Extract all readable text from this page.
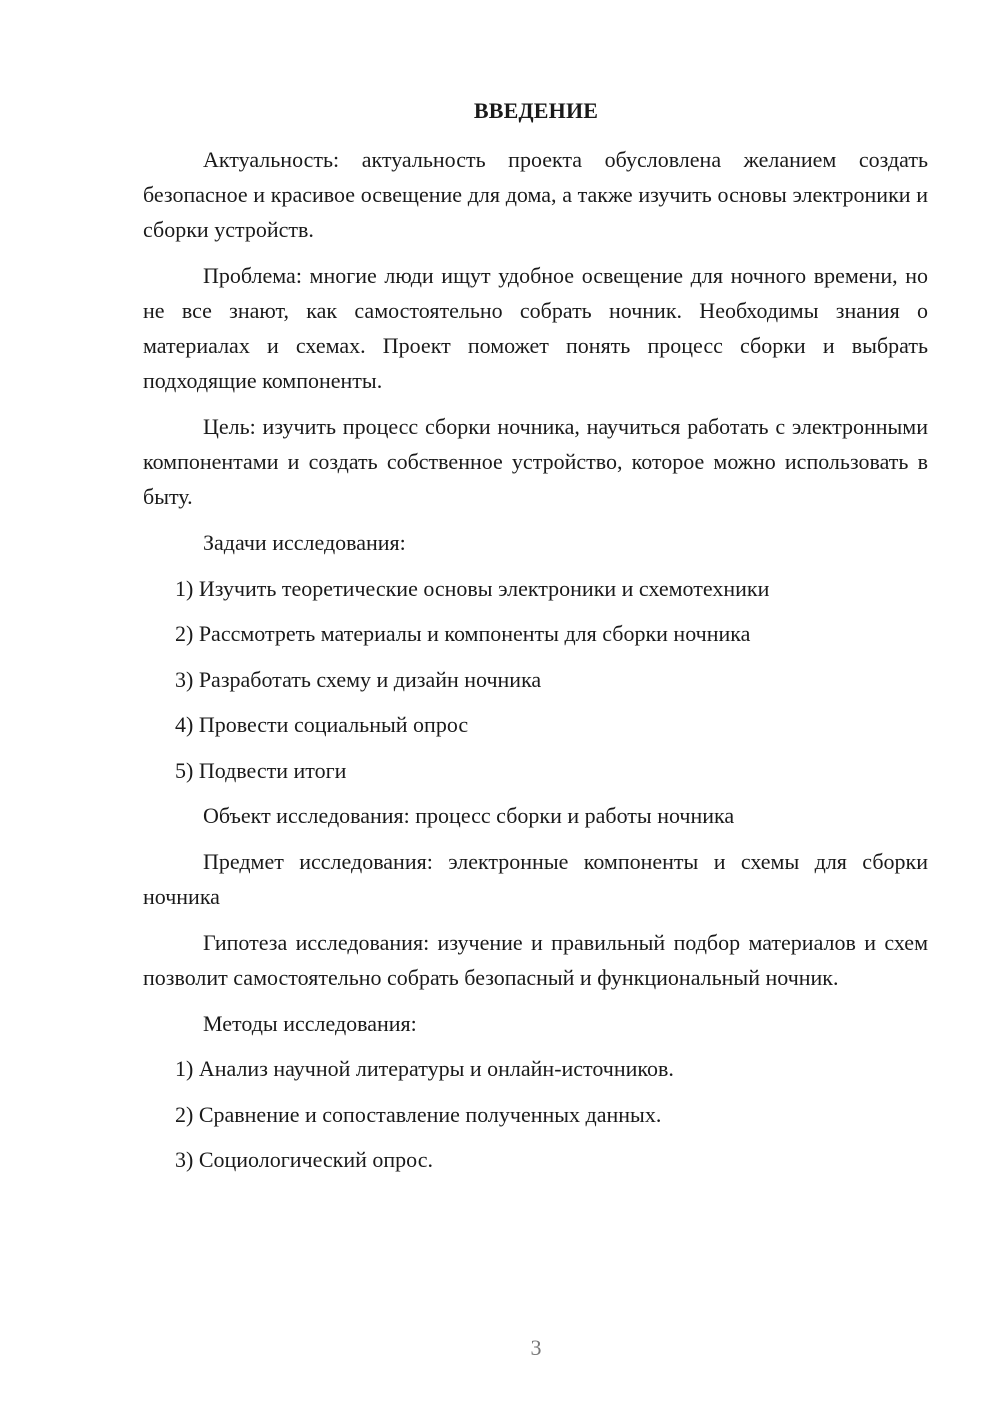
ВВЕДЕНИЕ

Актуальность: актуальность проекта обусловлена желанием создать безопасное и красивое освещение для дома, а также изучить основы электроники и сборки устройств.

Проблема: многие люди ищут удобное освещение для ночного времени, но не все знают, как самостоятельно собрать ночник. Необходимы знания о материалах и схемах. Проект поможет понять процесс сборки и выбрать подходящие компоненты.

Цель: изучить процесс сборки ночника, научиться работать с электронными компонентами и создать собственное устройство, которое можно использовать в быту.

Задачи исследования:

1) Изучить теоретические основы электроники и схемотехники

2) Рассмотреть материалы и компоненты для сборки ночника

3) Разработать схему и дизайн ночника

4) Провести социальный опрос

5) Подвести итоги

Объект исследования: процесс сборки и работы ночника

Предмет исследования: электронные компоненты и схемы для сборки ночника

Гипотеза исследования: изучение и правильный подбор материалов и схем позволит самостоятельно собрать безопасный и функциональный ночник.

Методы исследования:

1) Анализ научной литературы и онлайн-источников.

2) Сравнение и сопоставление полученных данных.

3) Социологический опрос.

3
